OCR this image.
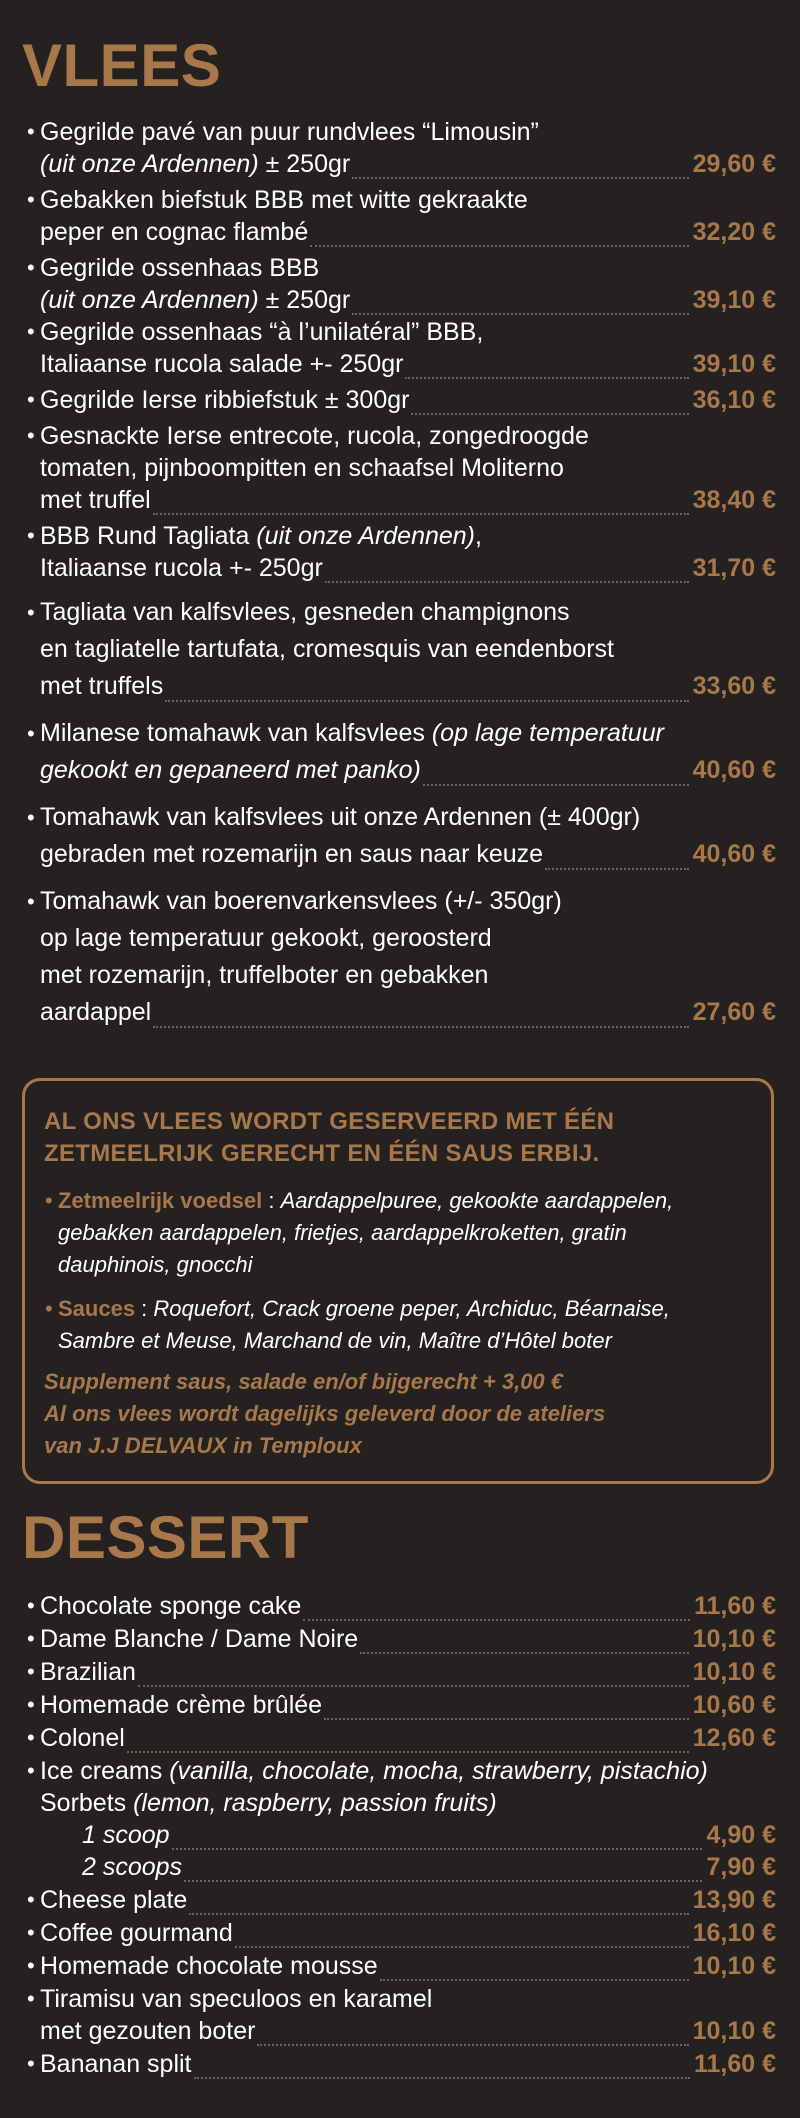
VLEES
• Gegrilde pavé van puur rundvlees “Limousin”
(uit onze Ardennen) ± 250gr	29,60 €
• Gebakken biefstuk BBB met witte gekraakte
peper en cognac flambé	32,20 €
• Gegrilde ossenhaas BBB
(uit onze Ardennen) ± 250gr	39,10 €
• Gegrilde ossenhaas “à l’unilatéral” BBB,
Italiaanse rucola salade +- 250gr	39,10 €
• Gegrilde Ierse ribbiefstuk ± 300gr	36,10 €
• Gesnackte Ierse entrecote, rucola, zongedroogde
tomaten, pijnboompitten en schaafsel Moliterno
met truffel	38,40 €
• BBB Rund Tagliata (uit onze Ardennen),
Italiaanse rucola +- 250gr	31,70 €
• Tagliata van kalfsvlees, gesneden champignons
en tagliatelle tartufata, cromesquis van eendenborst
met truffels	33,60 €
• Milanese tomahawk van kalfsvlees (op lage temperatuur
gekookt en gepaneerd met panko)	40,60 €
• Tomahawk van kalfsvlees uit onze Ardennen (± 400gr)
gebraden met rozemarijn en saus naar keuze	40,60 €
• Tomahawk van boerenvarkensvlees (+/- 350gr)
op lage temperatuur gekookt, geroosterd
met rozemarijn, truffelboter en gebakken
aardappel	27,60 €
AL ONS VLEES WORDT GESERVEERD MET ÉÉN
ZETMEELRIJK GERECHT EN ÉÉN SAUS ERBIJ.
• Zetmeelrijk voedsel : Aardappelpuree, gekookte aardappelen,
gebakken aardappelen, frietjes, aardappelkroketten, gratin
dauphinois, gnocchi
• Sauces : Roquefort, Crack groene peper, Archiduc, Béarnaise,
Sambre et Meuse, Marchand de vin, Maître d’Hôtel boter
Supplement saus, salade en/of bijgerecht + 3,00 €
Al ons vlees wordt dagelijks geleverd door de ateliers
van J.J DELVAUX in Temploux
DESSERT
• Chocolate sponge cake	11,60 €
• Dame Blanche / Dame Noire	10,10 €
• Brazilian	10,10 €
• Homemade crème brûlée	10,60 €
• Colonel	12,60 €
• Ice creams (vanilla, chocolate, mocha, strawberry, pistachio)
Sorbets (lemon, raspberry, passion fruits)
1 scoop	4,90 €
2 scoops	7,90 €
• Cheese plate	13,90 €
• Coffee gourmand	16,10 €
• Homemade chocolate mousse	10,10 €
• Tiramisu van speculoos en karamel
met gezouten boter	10,10 €
• Bananan split	11,60 €
